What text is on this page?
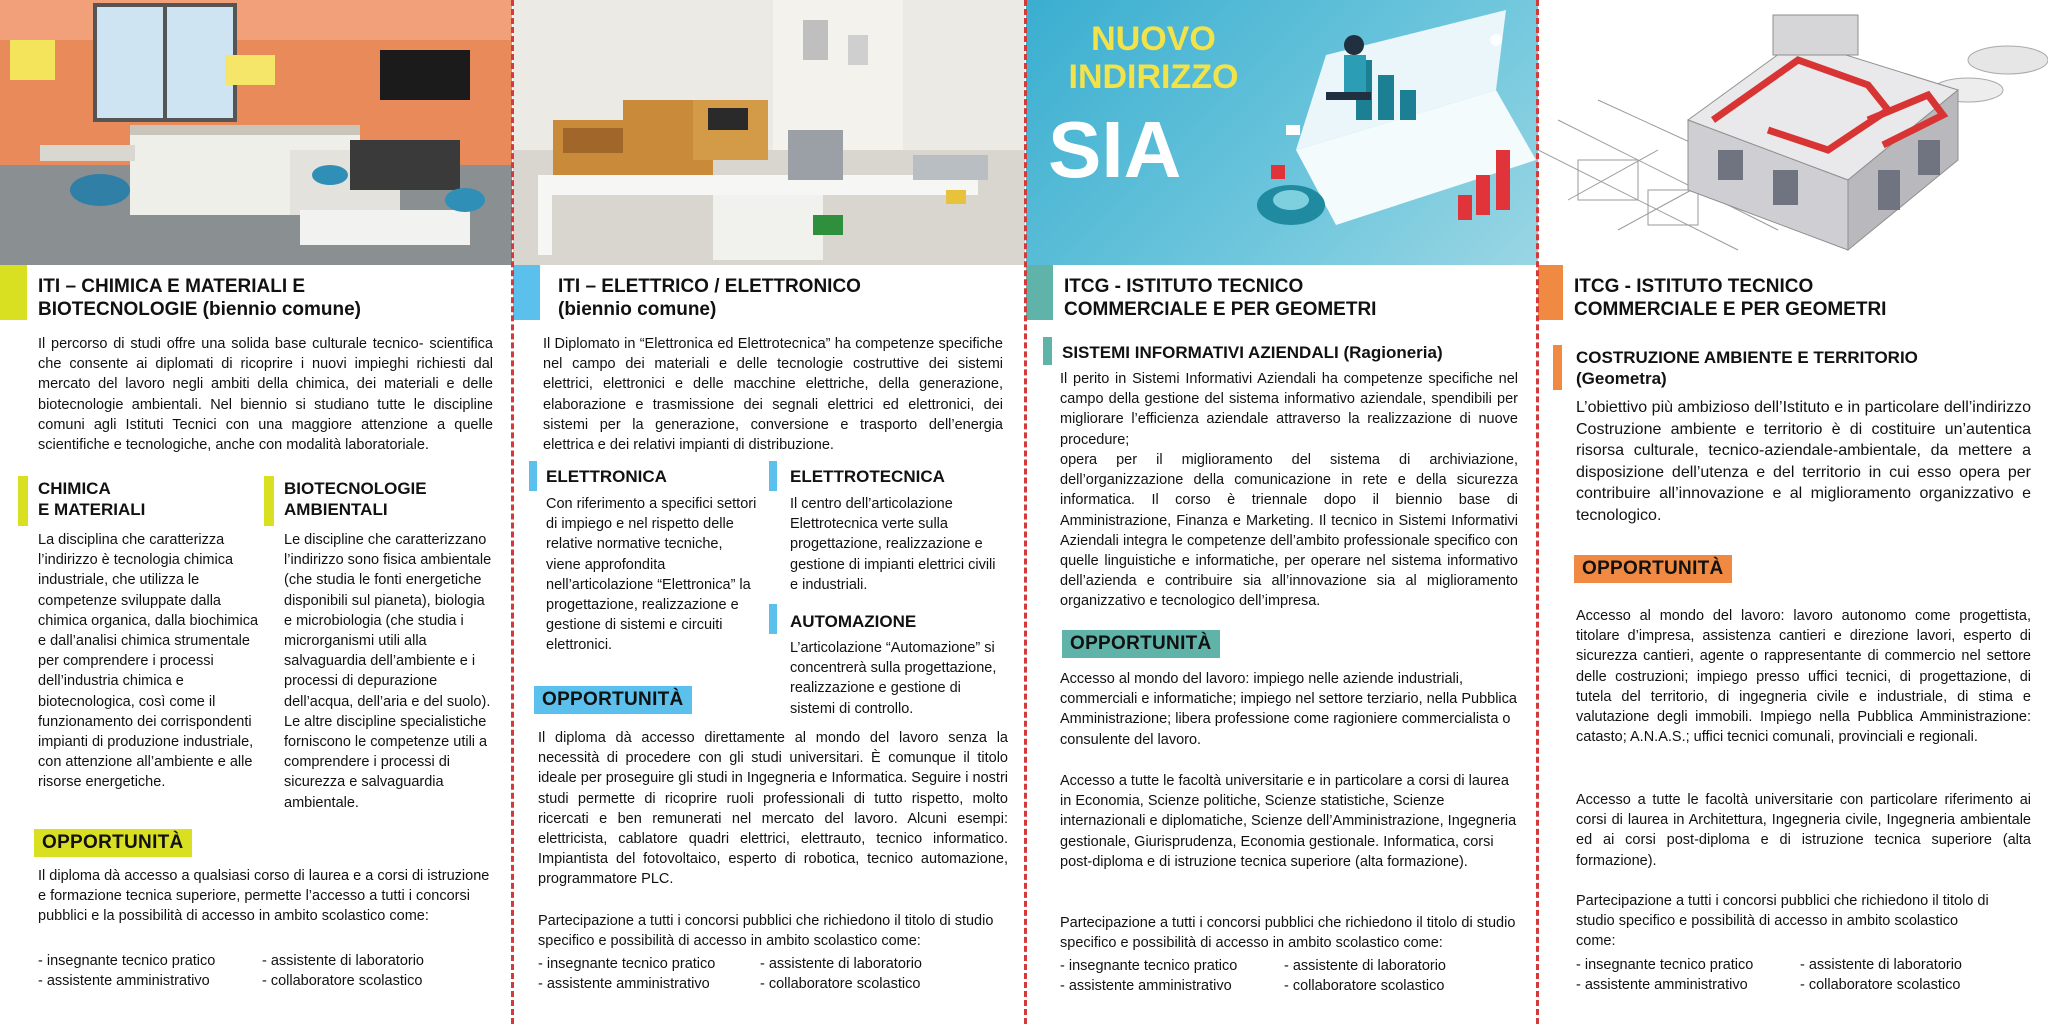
ITI – CHIMICA E MATERIALI E
BIOTECNOLOGIE (biennio comune)

Il percorso di studi offre una solida base culturale tecnico- scientifica che consente ai diplomati di ricoprire i nuovi impieghi richiesti dal mercato del lavoro negli ambiti della chimica, dei materiali e delle biotecnologie ambientali. Nel biennio si studiano tutte le discipline comuni agli Istituti Tecnici con una maggiore attenzione a quelle scientifiche e tecnologiche, anche con modalità laboratoriale.

CHIMICA
E MATERIALI

La disciplina che caratterizza l’indirizzo è tecnologia chimica industriale, che utilizza le competenze sviluppate dalla chimica organica, dalla biochimica e dall’analisi chimica strumentale per comprendere i processi dell’industria chimica e biotecnologica, così come il funzionamento dei corrispondenti impianti di produzione industriale, con attenzione all’ambiente e alle risorse energetiche.

BIOTECNOLOGIE
AMBIENTALI

Le discipline che caratterizzano l’indirizzo sono fisica ambientale (che studia le fonti energetiche disponibili sul pianeta), biologia e microbiologia (che studia i microrganismi utili alla salvaguardia dell’ambiente e i processi di depurazione dell’acqua, dell’aria e del suolo). Le altre discipline specialistiche forniscono le competenze utili a comprendere i processi di sicurezza e salvaguardia ambientale.

OPPORTUNITÀ

Il diploma dà accesso a qualsiasi corso di laurea e a corsi di istruzione e formazione tecnica superiore, permette l’accesso a tutti i concorsi pubblici e la possibilità di accesso in ambito scolastico come:

- insegnante tecnico pratico
- assistente amministrativo
- assistente di laboratorio
- collaboratore scolastico
ITI – ELETTRICO / ELETTRONICO
(biennio comune)

Il Diplomato in “Elettronica ed Elettrotecnica” ha competenze specifiche nel campo dei materiali e delle tecnologie costruttive dei sistemi elettrici, elettronici e delle macchine elettriche, della generazione, elaborazione e trasmissione dei segnali elettrici ed elettronici, dei sistemi per la generazione, conversione e trasporto dell’energia elettrica e dei relativi impianti di distribuzione.

ELETTRONICA

Con riferimento a specifici settori di impiego e nel rispetto delle relative normative tecniche, viene approfondita nell’articolazione “Elettronica” la progettazione, realizzazione e gestione di sistemi e circuiti elettronici.

ELETTROTECNICA

Il centro dell’articolazione Elettrotecnica verte sulla progettazione, realizzazione e gestione di impianti elettrici civili e industriali.

AUTOMAZIONE

L’articolazione “Automazione” si concentrerà sulla progettazione, realizzazione e gestione di sistemi di controllo.

OPPORTUNITÀ

Il diploma dà accesso direttamente al mondo del lavoro senza la necessità di procedere con gli studi universitari. È comunque il titolo ideale per proseguire gli studi in Ingegneria e Informatica. Seguire i nostri studi permette di ricoprire ruoli professionali di tutto rispetto, molto ricercati e ben remunerati nel mercato del lavoro. Alcuni esempi: elettricista, cablatore quadri elettrici, elettrauto, tecnico informatico. Impiantista del fotovoltaico, esperto di robotica, tecnico automazione, programmatore PLC.

Partecipazione a tutti i concorsi pubblici che richiedono il titolo di studio specifico e possibilità di accesso in ambito scolastico come:

- insegnante tecnico pratico
- assistente amministrativo
- assistente di laboratorio
- collaboratore scolastico
NUOVO
INDIRIZZO
SIA
ITCG - ISTITUTO TECNICO
COMMERCIALE E PER GEOMETRI
SISTEMI INFORMATIVI AZIENDALI (Ragioneria)

Il perito in Sistemi Informativi Aziendali ha competenze specifiche nel campo della gestione del sistema informativo aziendale, spendibili per migliorare l’efficienza aziendale attraverso la realizzazione di nuove procedure;

opera per il miglioramento del sistema di archiviazione, dell’organizzazione della comunicazione in rete e della sicurezza informatica. Il corso è triennale dopo il biennio base di Amministrazione, Finanza e Marketing. Il tecnico in Sistemi Informativi Aziendali integra le competenze dell’ambito professionale specifico con quelle linguistiche e informatiche, per operare nel sistema informativo dell’azienda e contribuire sia all’innovazione sia al miglioramento organizzativo e tecnologico dell’impresa.

OPPORTUNITÀ

Accesso al mondo del lavoro: impiego nelle aziende industriali, commerciali e informatiche; impiego nel settore terziario, nella Pubblica Amministrazione; libera professione come ragioniere commercialista o consulente del lavoro.

Accesso a tutte le facoltà universitarie e in particolare a corsi di laurea in Economia, Scienze politiche, Scienze statistiche, Scienze internazionali e diplomatiche, Scienze dell’Amministrazione, Ingegneria gestionale, Giurisprudenza, Economia gestionale. Informatica, corsi post-diploma e di istruzione tecnica superiore (alta formazione).

Partecipazione a tutti i concorsi pubblici che richiedono il titolo di studio specifico e possibilità di accesso in ambito scolastico come:

- insegnante tecnico pratico
- assistente amministrativo
- assistente di laboratorio
- collaboratore scolastico
ITCG - ISTITUTO TECNICO
COMMERCIALE E PER GEOMETRI
COSTRUZIONE AMBIENTE E TERRITORIO
(Geometra)

L’obiettivo più ambizioso dell’Istituto e in particolare dell’indirizzo Costruzione ambiente e territorio è di costituire un’autentica risorsa culturale, tecnico-aziendale-ambientale, da mettere a disposizione dell’utenza e del territorio in cui esso opera per contribuire all’innovazione e al miglioramento organizzativo e tecnologico.

OPPORTUNITÀ

Accesso al mondo del lavoro: lavoro autonomo come progettista, titolare d’impresa, assistenza cantieri e direzione lavori, esperto di sicurezza cantieri, agente o rappresentante di commercio nel settore delle costruzioni; impiego presso uffici tecnici, di progettazione, di tutela del territorio, di ingegneria civile e industriale, di stima e valutazione degli immobili. Impiego nella Pubblica Amministrazione: catasto; A.N.A.S.; uffici tecnici comunali, provinciali e regionali.

Accesso a tutte le facoltà universitarie con particolare riferimento ai corsi di laurea in Architettura, Ingegneria civile, Ingegneria ambientale ed ai corsi post-diploma e di istruzione tecnica superiore (alta formazione).

Partecipazione a tutti i concorsi pubblici che richiedono il titolo di studio specifico e possibilità di accesso in ambito scolastico come:

- insegnante tecnico pratico
- assistente amministrativo
- assistente di laboratorio
- collaboratore scolastico
